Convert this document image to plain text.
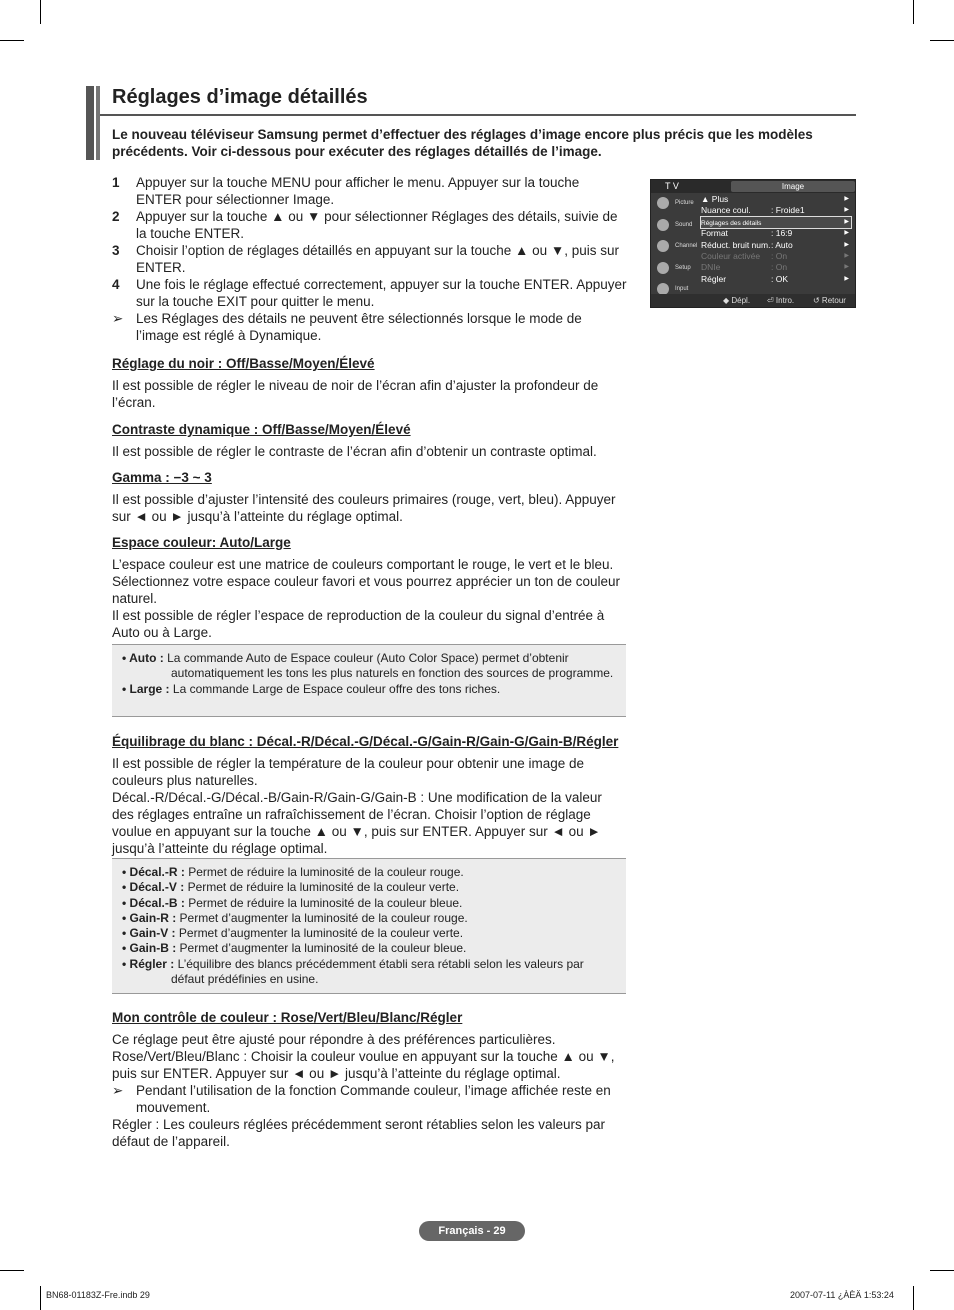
Réglages d’image détaillés
Le nouveau téléviseur Samsung permet d’effectuer des réglages d’image encore plus précis que les modèles précédents. Voir ci-dessous pour exécuter des réglages détaillés de l’image.
1 Appuyer sur la touche MENU pour afficher le menu. Appuyer sur la touche ENTER pour sélectionner Image.
2 Appuyer sur la touche ▲ ou ▼ pour sélectionner Réglages des détails, suivie de la touche ENTER.
3 Choisir l’option de réglages détaillés en appuyant sur la touche ▲ ou ▼, puis sur ENTER.
4 Une fois le réglage effectué correctement, appuyer sur la touche ENTER. Appuyer sur la touche EXIT pour quitter le menu.
➢ Les Réglages des détails ne peuvent être sélectionnés lorsque le mode de l’image est réglé à Dynamique.
Réglage du noir : Off/Basse/Moyen/Élevé
Il est possible de régler le niveau de noir de l’écran afin d’ajuster la profondeur de l’écran.
Contraste dynamique : Off/Basse/Moyen/Élevé
Il est possible de régler le contraste de l’écran afin d’obtenir un contraste optimal.
Gamma : −3 ~ 3
Il est possible d’ajuster l’intensité des couleurs primaires (rouge, vert, bleu). Appuyer sur ◄ ou ► jusqu’à l’atteinte du réglage optimal.
Espace couleur: Auto/Large
L’espace couleur est une matrice de couleurs comportant le rouge, le vert et le bleu. Sélectionnez votre espace couleur favori et vous pourrez apprécier un ton de couleur naturel.
Il est possible de régler l’espace de reproduction de la couleur du signal d’entrée à Auto ou à Large.
• Auto : La commande Auto de Espace couleur (Auto Color Space) permet d’obtenir automatiquement les tons les plus naturels en fonction des sources de programme.
• Large : La commande Large de Espace couleur offre des tons riches.
Équilibrage du blanc : Décal.-R/Décal.-G/Décal.-G/Gain-R/Gain-G/Gain-B/Régler
Il est possible de régler la température de la couleur pour obtenir une image de couleurs plus naturelles.
Décal.-R/Décal.-G/Décal.-B/Gain-R/Gain-G/Gain-B : Une modification de la valeur des réglages entraîne un rafraîchissement de l’écran. Choisir l’option de réglage voulue en appuyant sur la touche ▲ ou ▼, puis sur ENTER. Appuyer sur ◄ ou ► jusqu’à l’atteinte du réglage optimal.
• Décal.-R : Permet de réduire la luminosité de la couleur rouge.
• Décal.-V : Permet de réduire la luminosité de la couleur verte.
• Décal.-B : Permet de réduire la luminosité de la couleur bleue.
• Gain-R : Permet d’augmenter la luminosité de la couleur rouge.
• Gain-V : Permet d’augmenter la luminosité de la couleur verte.
• Gain-B : Permet d’augmenter la luminosité de la couleur bleue.
• Régler : L’équilibre des blancs précédemment établi sera rétabli selon les valeurs par défaut prédéfinies en usine.
Mon contrôle de couleur : Rose/Vert/Bleu/Blanc/Régler
Ce réglage peut être ajusté pour répondre à des préférences particulières.
Rose/Vert/Bleu/Blanc : Choisir la couleur voulue en appuyant sur la touche ▲ ou ▼, puis sur ENTER. Appuyer sur ◄ ou ► jusqu’à l’atteinte du réglage optimal.
➢ Pendant l’utilisation de la fonction Commande couleur, l’image affichée reste en mouvement.
Régler : Les couleurs réglées précédemment seront rétablies selon les valeurs par défaut de l’appareil.
T V	Image
Picture
Sound
Channel
Setup
Input
▲ Plus	▶
Nuance coul. : Froide1	▶
Réglages des détails	▶
Format	: 16:9	▶
Réduct. bruit num. : Auto	▶
Couleur activée : On	▶
DNIe	: On	▶
Régler	: OK	▶
◆ Dépl. ⏎ Intro. ↺ Retour
Français - 29
BN68-01183Z-Fre.indb 29	2007-07-11 ¿ÀÈÄ 1:53:24
